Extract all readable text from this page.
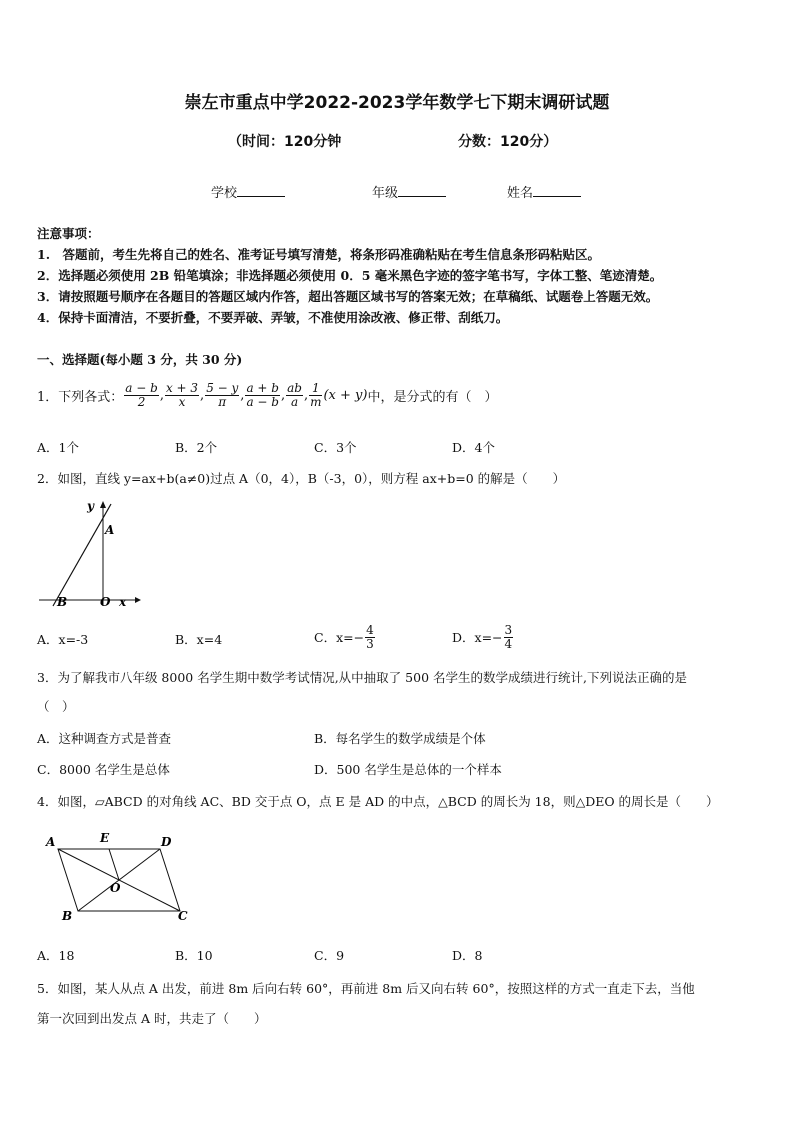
崇左市重点中学2022-2023学年数学七下期末调研试题
（时间：120分钟	分数：120分）
学校	年级	姓名
注意事项：
1.　答题前，考生先将自己的姓名、准考证号填写清楚，将条形码准确粘贴在考生信息条形码粘贴区。
2．选择题必须使用 2B 铅笔填涂；非选择题必须使用 0．5 毫米黑色字迹的签字笔书写，字体工整、笔迹清楚。
3．请按照题号顺序在各题目的答题区域内作答，超出答题区域书写的答案无效；在草稿纸、试题卷上答题无效。
4．保持卡面清洁，不要折叠，不要弄破、弄皱，不准使用涂改液、修正带、刮纸刀。
一、选择题(每小题 3 分，共 30 分)
1．下列各式： $\frac{a - b}{2}$ , $\frac{x + 3}{x}$ , $\frac{5 - y}{\pi}$ , $\frac{a + b}{a - b}$ , $\frac{ab}{a}$ , $\frac{1}{m} (x + y)$ 中，是分式的有（　）
A．1个	B．2个	C．3个	D．4个
2．如图，直线 y=ax+b(a≠0)过点 A（0，4），B（-3，0），则方程 ax+b=0 的解是（　　）
y
A
B	O x
A．x=-3	B．x=4	C．$x=- \frac{4}{3}$	D．$x=- \frac{3}{4}$
3．为了解我市八年级 8000 名学生期中数学考试情况,从中抽取了 500 名学生的数学成绩进行统计,下列说法正确的是
（　）
A．这种调查方式是普查	B．每名学生的数学成绩是个体
C．8000 名学生是总体	D．500 名学生是总体的一个样本
4．如图，▱ABCD 的对角线 AC、BD 交于点 O，点 E 是 AD 的中点，△BCD 的周长为 18，则△DEO 的周长是（　　）
A	E	D
O
B	C
A．18	B．10	C．9	D．8
5．如图，某人从点 A 出发，前进 8m 后向右转 60°，再前进 8m 后又向右转 60°，按照这样的方式一直走下去，当他
第一次回到出发点 A 时，共走了（　　）
